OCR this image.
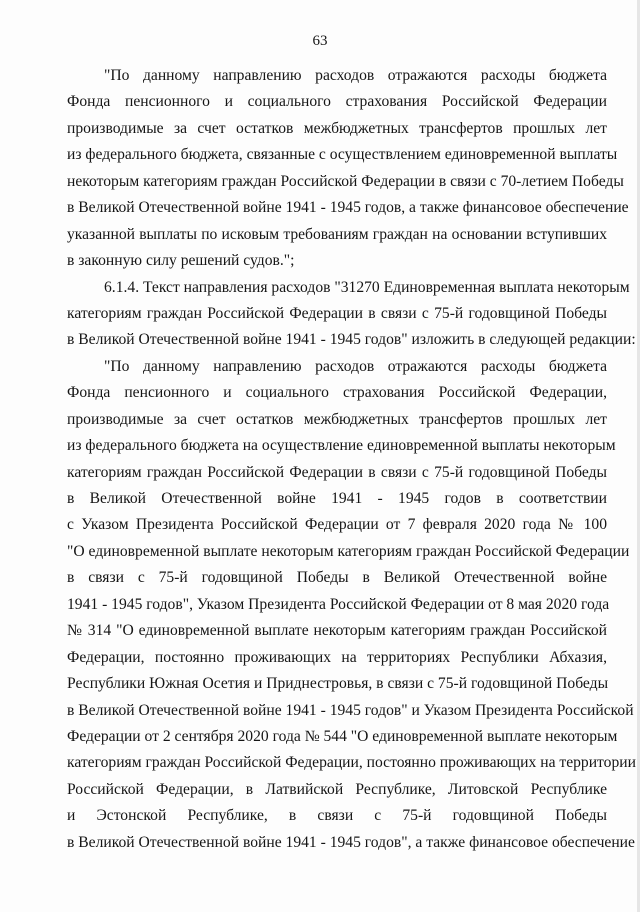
63
"По данному направлению расходов отражаются расходы бюджета
Фонда пенсионного и социального страхования Российской Федерации
производимые за счет остатков межбюджетных трансфертов прошлых лет
из федерального бюджета, связанные с осуществлением единовременной выплаты
некоторым категориям граждан Российской Федерации в связи с 70-летием Победы
в Великой Отечественной войне 1941 - 1945 годов, а также финансовое обеспечение
указанной выплаты по исковым требованиям граждан на основании вступивших
в законную силу решений судов.";
6.1.4. Текст направления расходов "31270 Единовременная выплата некоторым
категориям граждан Российской Федерации в связи с 75-й годовщиной Победы
в Великой Отечественной войне 1941 - 1945 годов" изложить в следующей редакции:
"По данному направлению расходов отражаются расходы бюджета
Фонда пенсионного и социального страхования Российской Федерации,
производимые за счет остатков межбюджетных трансфертов прошлых лет
из федерального бюджета на осуществление единовременной выплаты некоторым
категориям граждан Российской Федерации в связи с 75-й годовщиной Победы
в Великой Отечественной войне 1941 - 1945 годов в соответствии
с Указом Президента Российской Федерации от 7 февраля 2020 года № 100
"О единовременной выплате некоторым категориям граждан Российской Федерации
в связи с 75-й годовщиной Победы в Великой Отечественной войне
1941 - 1945 годов", Указом Президента Российской Федерации от 8 мая 2020 года
№ 314 "О единовременной выплате некоторым категориям граждан Российской
Федерации, постоянно проживающих на территориях Республики Абхазия,
Республики Южная Осетия и Приднестровья, в связи с 75-й годовщиной Победы
в Великой Отечественной войне 1941 - 1945 годов" и Указом Президента Российской
Федерации от 2 сентября 2020 года № 544 "О единовременной выплате некоторым
категориям граждан Российской Федерации, постоянно проживающих на территории
Российской Федерации, в Латвийской Республике, Литовской Республике
и Эстонской Республике, в связи с 75-й годовщиной Победы
в Великой Отечественной войне 1941 - 1945 годов", а также финансовое обеспечение
